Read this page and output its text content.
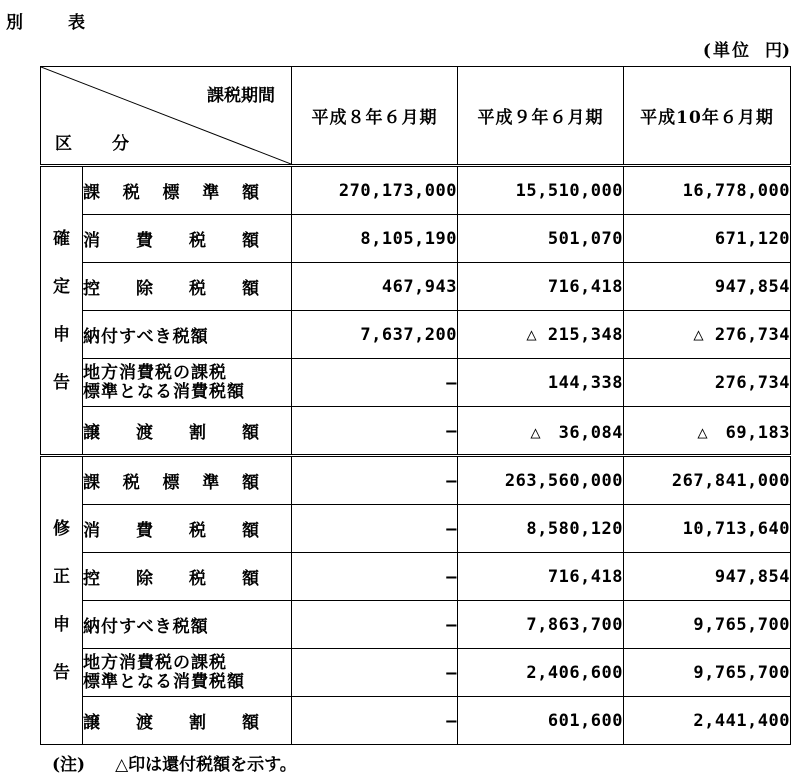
別　表
(単位 円)
課税期間
区 分		平成８年６月期	平成９年６月期	平成10年６月期

確
定
申
告	課 税 標 準 額	270,173,000	15,510,000	16,778,000

	消 費 税 額	8,105,190	501,070	671,120

	控 除 税 額	467,943	716,418	947,854
	納付すべき税額	7,637,200	△ 215,348	△ 276,734

	地方消費税の課税
標準となる消費税額	—	144,338	276,734

	譲 渡 割 額	—	△　36,084	△　69,183

修
正
申
告	課 税 標 準 額	—	263,560,000	267,841,000

	消 費 税 額	—	8,580,120	10,713,640

	控 除 税 額	—	716,418	947,854
	納付すべき税額	—	7,863,700	9,765,700

	地方消費税の課税
標準となる消費税額	—	2,406,600	9,765,700

	譲 渡 割 額	—	601,600	2,441,400
(注) △印は還付税額を示す。
